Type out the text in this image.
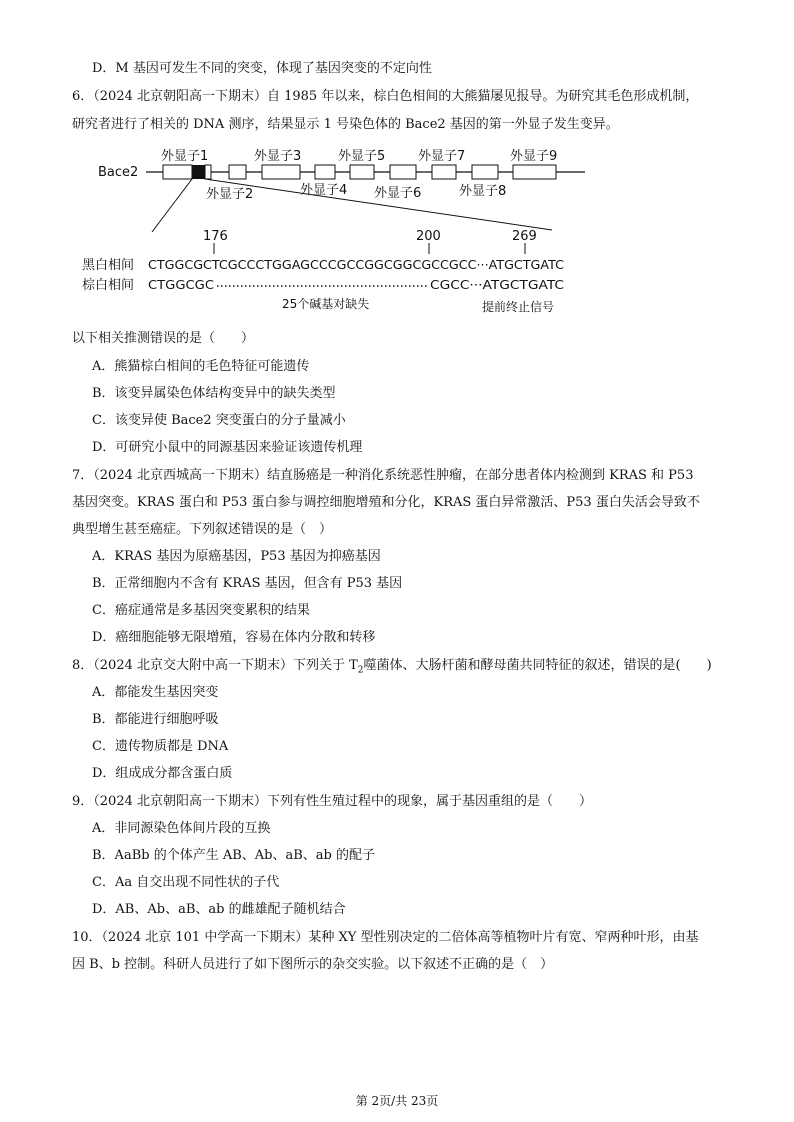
D．M 基因可发生不同的突变，体现了基因突变的不定向性
6．（2024 北京朝阳高一下期末）自 1985 年以来，棕白色相间的大熊猫屡见报导。为研究其毛色形成机制，
研究者进行了相关的 DNA 测序，结果显示 1 号染色体的 Bace2 基因的第一外显子发生变异。
Bace2
外显子1	外显子3	外显子5	外显子7	外显子9
外显子2	外显子4 外显子6	外显子8
176	200	269
黑白相间 CTGGCGCTCGCCCTGGAGCCCGCCGGCGGCGCCGCC···ATGCTGATC
棕白相间 CTGGCGC	CGCC···ATGCTGATC
25个碱基对缺失	提前终止信号
以下相关推测错误的是（　　）
A．熊猫棕白相间的毛色特征可能遗传
B．该变异属染色体结构变异中的缺失类型
C．该变异使 Bace2 突变蛋白的分子量减小
D．可研究小鼠中的同源基因来验证该遗传机理
7．（2024 北京西城高一下期末）结直肠癌是一种消化系统恶性肿瘤，在部分患者体内检测到 KRAS 和 P53
基因突变。KRAS 蛋白和 P53 蛋白参与调控细胞增殖和分化，KRAS 蛋白异常激活、P53 蛋白失活会导致不
典型增生甚至癌症。下列叙述错误的是（　）
A．KRAS 基因为原癌基因，P53 基因为抑癌基因
B．正常细胞内不含有 KRAS 基因，但含有 P53 基因
C．癌症通常是多基因突变累积的结果
D．癌细胞能够无限增殖，容易在体内分散和转移
8．（2024 北京交大附中高一下期末）下列关于 $T_2$噬菌体、大肠杆菌和酵母菌共同特征的叙述，错误的是(　　)
A．都能发生基因突变
B．都能进行细胞呼吸
C．遗传物质都是 DNA
D．组成成分都含蛋白质
9．（2024 北京朝阳高一下期末）下列有性生殖过程中的现象，属于基因重组的是（　　）
A．非同源染色体间片段的互换
B．AaBb 的个体产生 AB、Ab、aB、ab 的配子
C．Aa 自交出现不同性状的子代
D．AB、Ab、aB、ab 的雌雄配子随机结合
10．（2024 北京 101 中学高一下期末）某种 XY 型性别决定的二倍体高等植物叶片有宽、窄两种叶形，由基
因 B、b 控制。科研人员进行了如下图所示的杂交实验。以下叙述不正确的是（　）
第 2页/共 23页
